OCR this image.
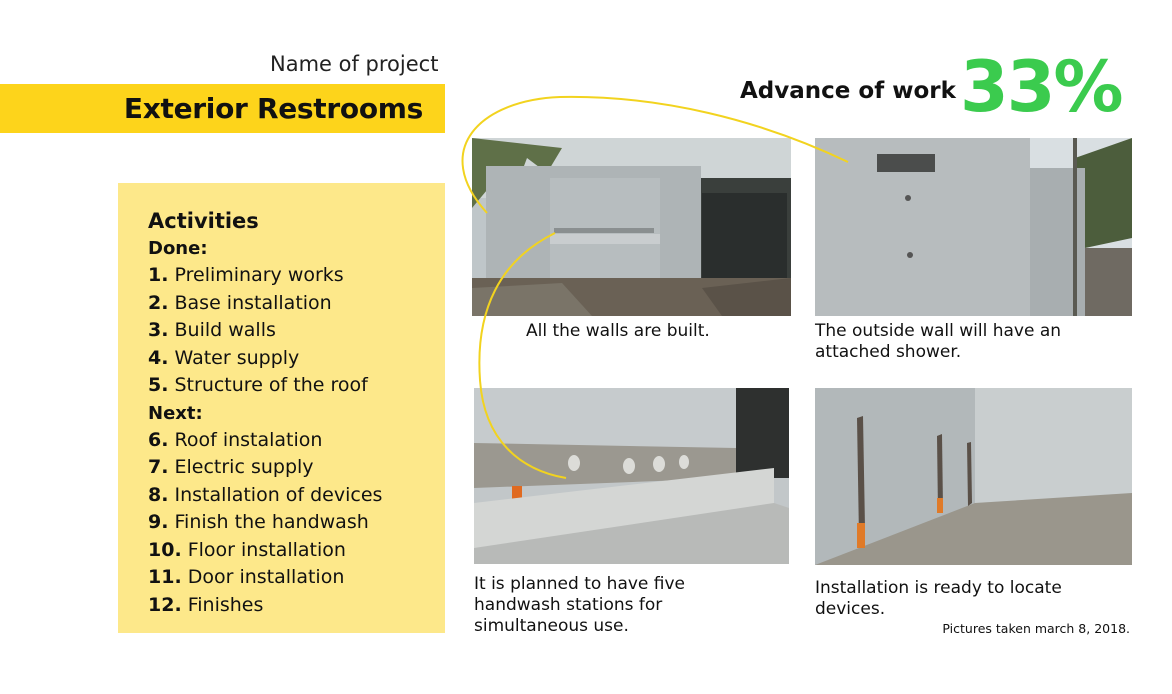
Name of project
Exterior Restrooms
Advance of work 33%
Activities
Done:
1. Preliminary works
2. Base installation
3. Build walls
4. Water supply
5. Structure of the roof
Next:
6. Roof instalation
7. Electric supply
8. Installation of devices
9. Finish the handwash
10. Floor installation
11. Door installation
12. Finishes
All the walls are built.	The outside wall will have an attached shower.
It is planned to have five handwash stations for simultaneous use.
Installation is ready to locate devices.
Pictures taken march 8, 2018.
